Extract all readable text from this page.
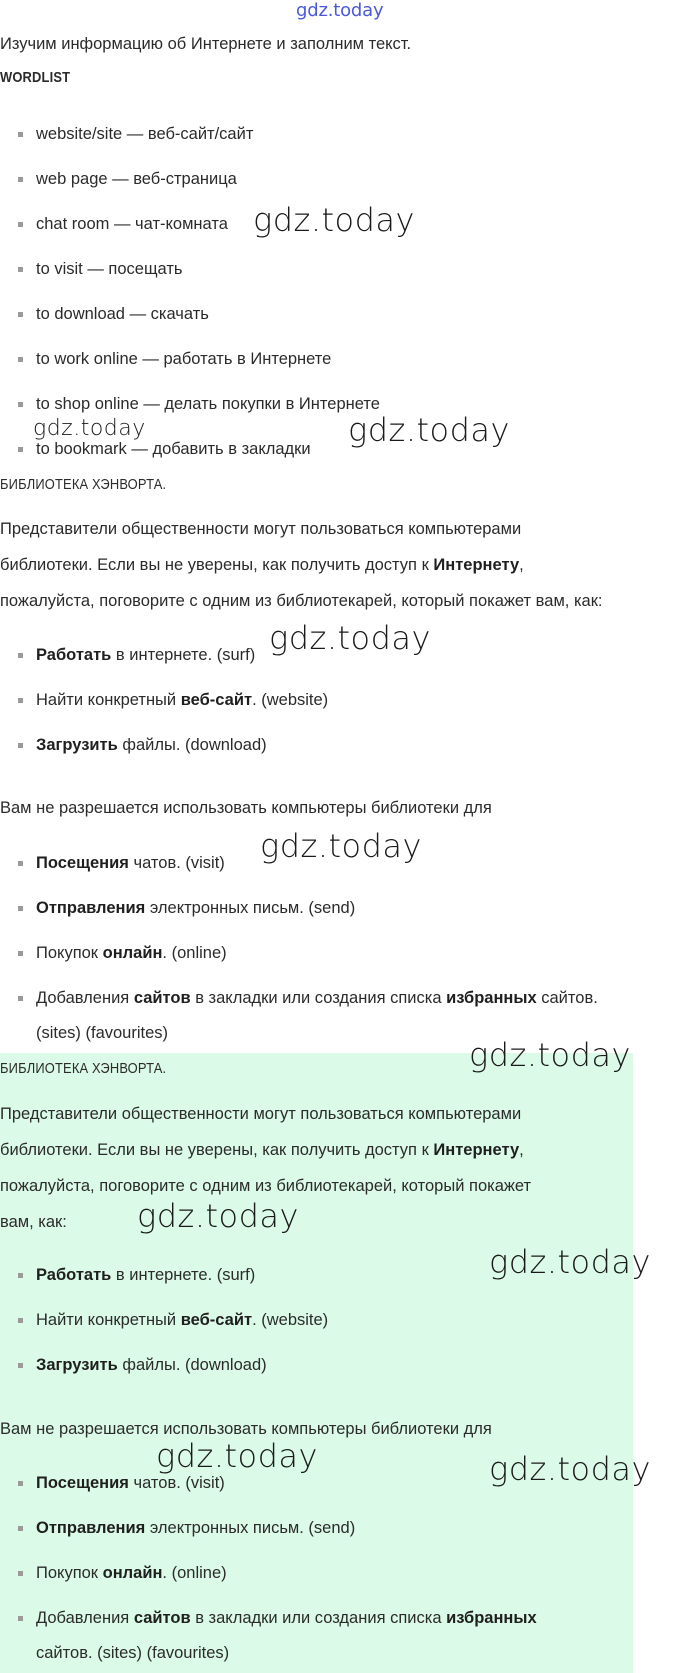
gdz.today
Изучим информацию об Интернете и заполним текст.
WORDLIST
website/site — веб-сайт/сайт
web page — веб-страница
chat room — чат-комната
to visit — посещать
to download — скачать
to work online — работать в Интернете
to shop online — делать покупки в Интернете
to bookmark — добавить в закладки
БИБЛИОТЕКА ХЭНВОРТА.
Представители общественности могут пользоваться компьютерами
библиотеки. Если вы не уверены, как получить доступ к Интернету,
пожалуйста, поговорите с одним из библиотекарей, который покажет вам, как:
Работать в интернете. (surf)
Найти конкретный веб-сайт. (website)
Загрузить файлы. (download)
Вам не разрешается использовать компьютеры библиотеки для
Посещения чатов. (visit)
Отправления электронных письм. (send)
Покупок онлайн. (online)
Добавления сайтов в закладки или создания списка избранных сайтов.
(sites) (favourites)
БИБЛИОТЕКА ХЭНВОРТА.
Представители общественности могут пользоваться компьютерами
библиотеки. Если вы не уверены, как получить доступ к Интернету,
пожалуйста, поговорите с одним из библиотекарей, который покажет
вам, как:
Работать в интернете. (surf)
Найти конкретный веб-сайт. (website)
Загрузить файлы. (download)
Вам не разрешается использовать компьютеры библиотеки для
Посещения чатов. (visit)
Отправления электронных письм. (send)
Покупок онлайн. (online)
Добавления сайтов в закладки или создания списка избранных
сайтов. (sites) (favourites)
gdz.today
gdz.today	gdz.today
gdz.today
gdz.today
gdz.today
gdz.today
gdz.today
gdz.today	gdz.today
